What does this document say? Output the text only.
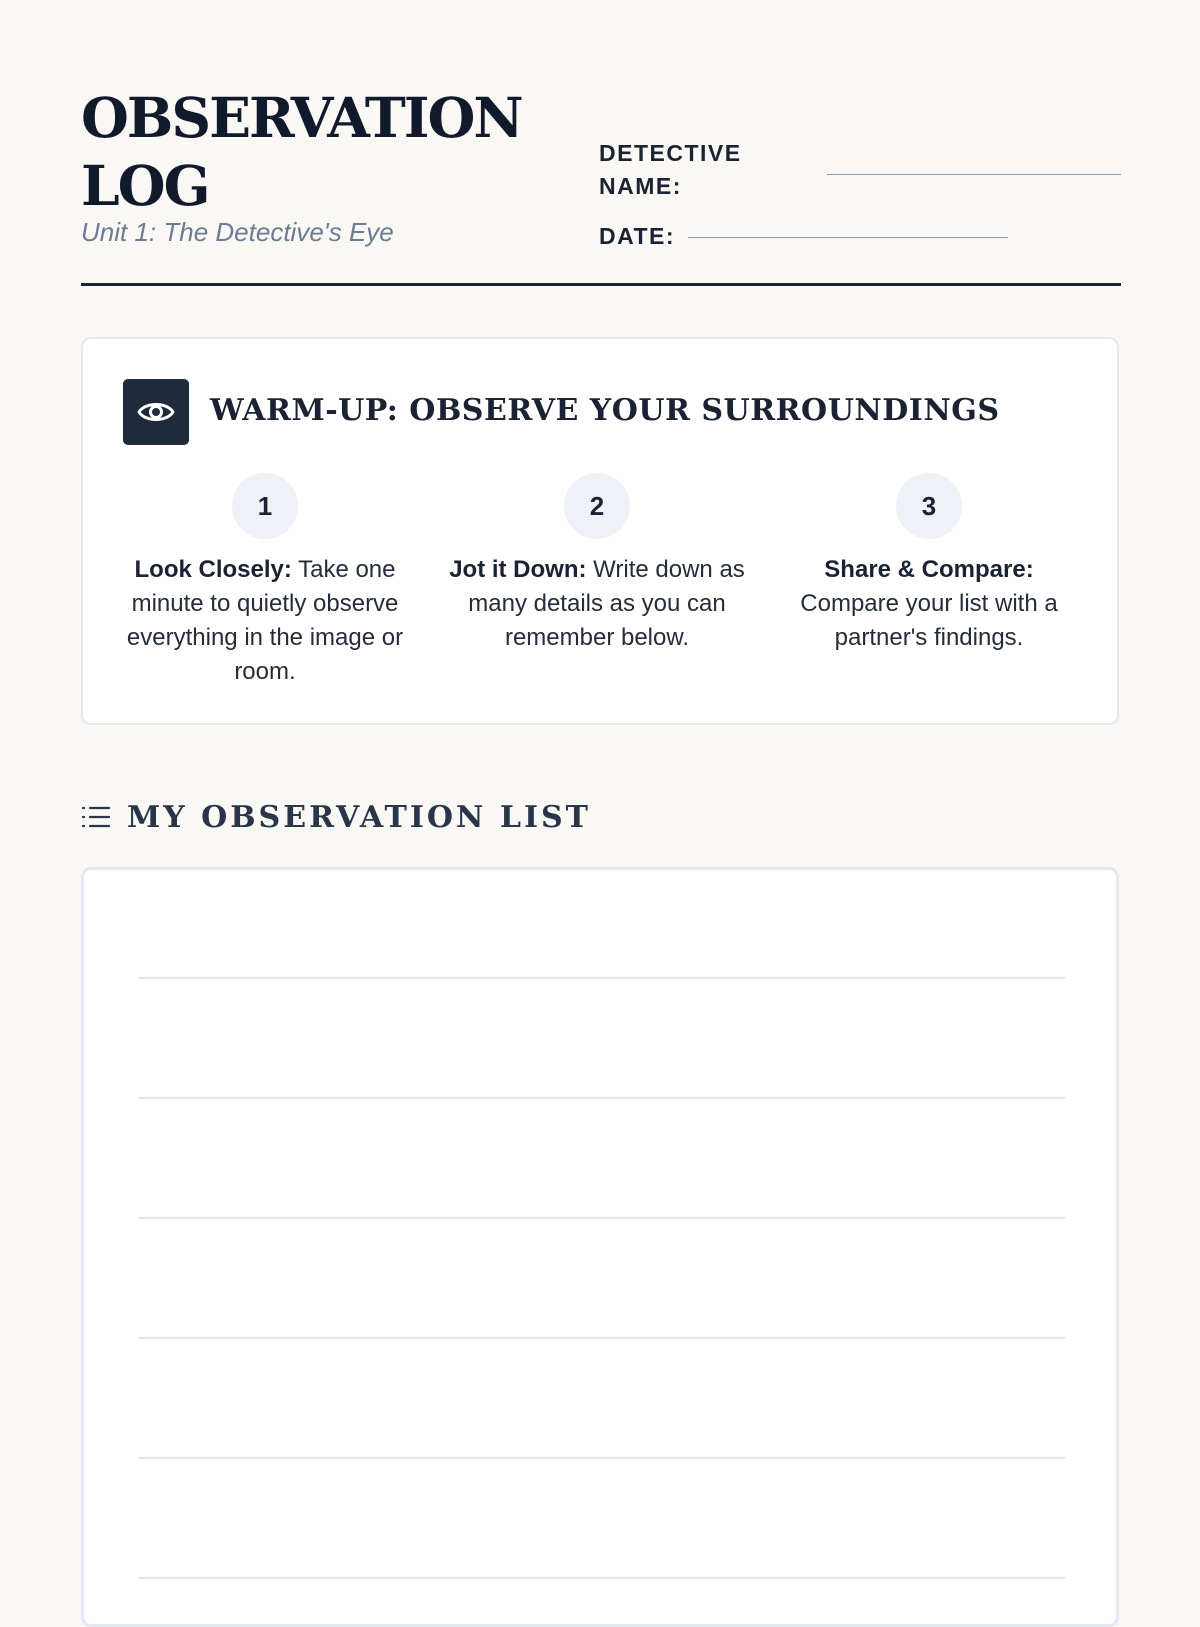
OBSERVATION
LOG
Unit 1: The Detective's Eye
DETECTIVE
NAME:
DATE:
WARM-UP: OBSERVE YOUR SURROUNDINGS
1
Look Closely: Take one minute to quietly observe everything in the image or room.
2
Jot it Down: Write down as many details as you can remember below.
3
Share & Compare: Compare your list with a partner's findings.
MY OBSERVATION LIST
